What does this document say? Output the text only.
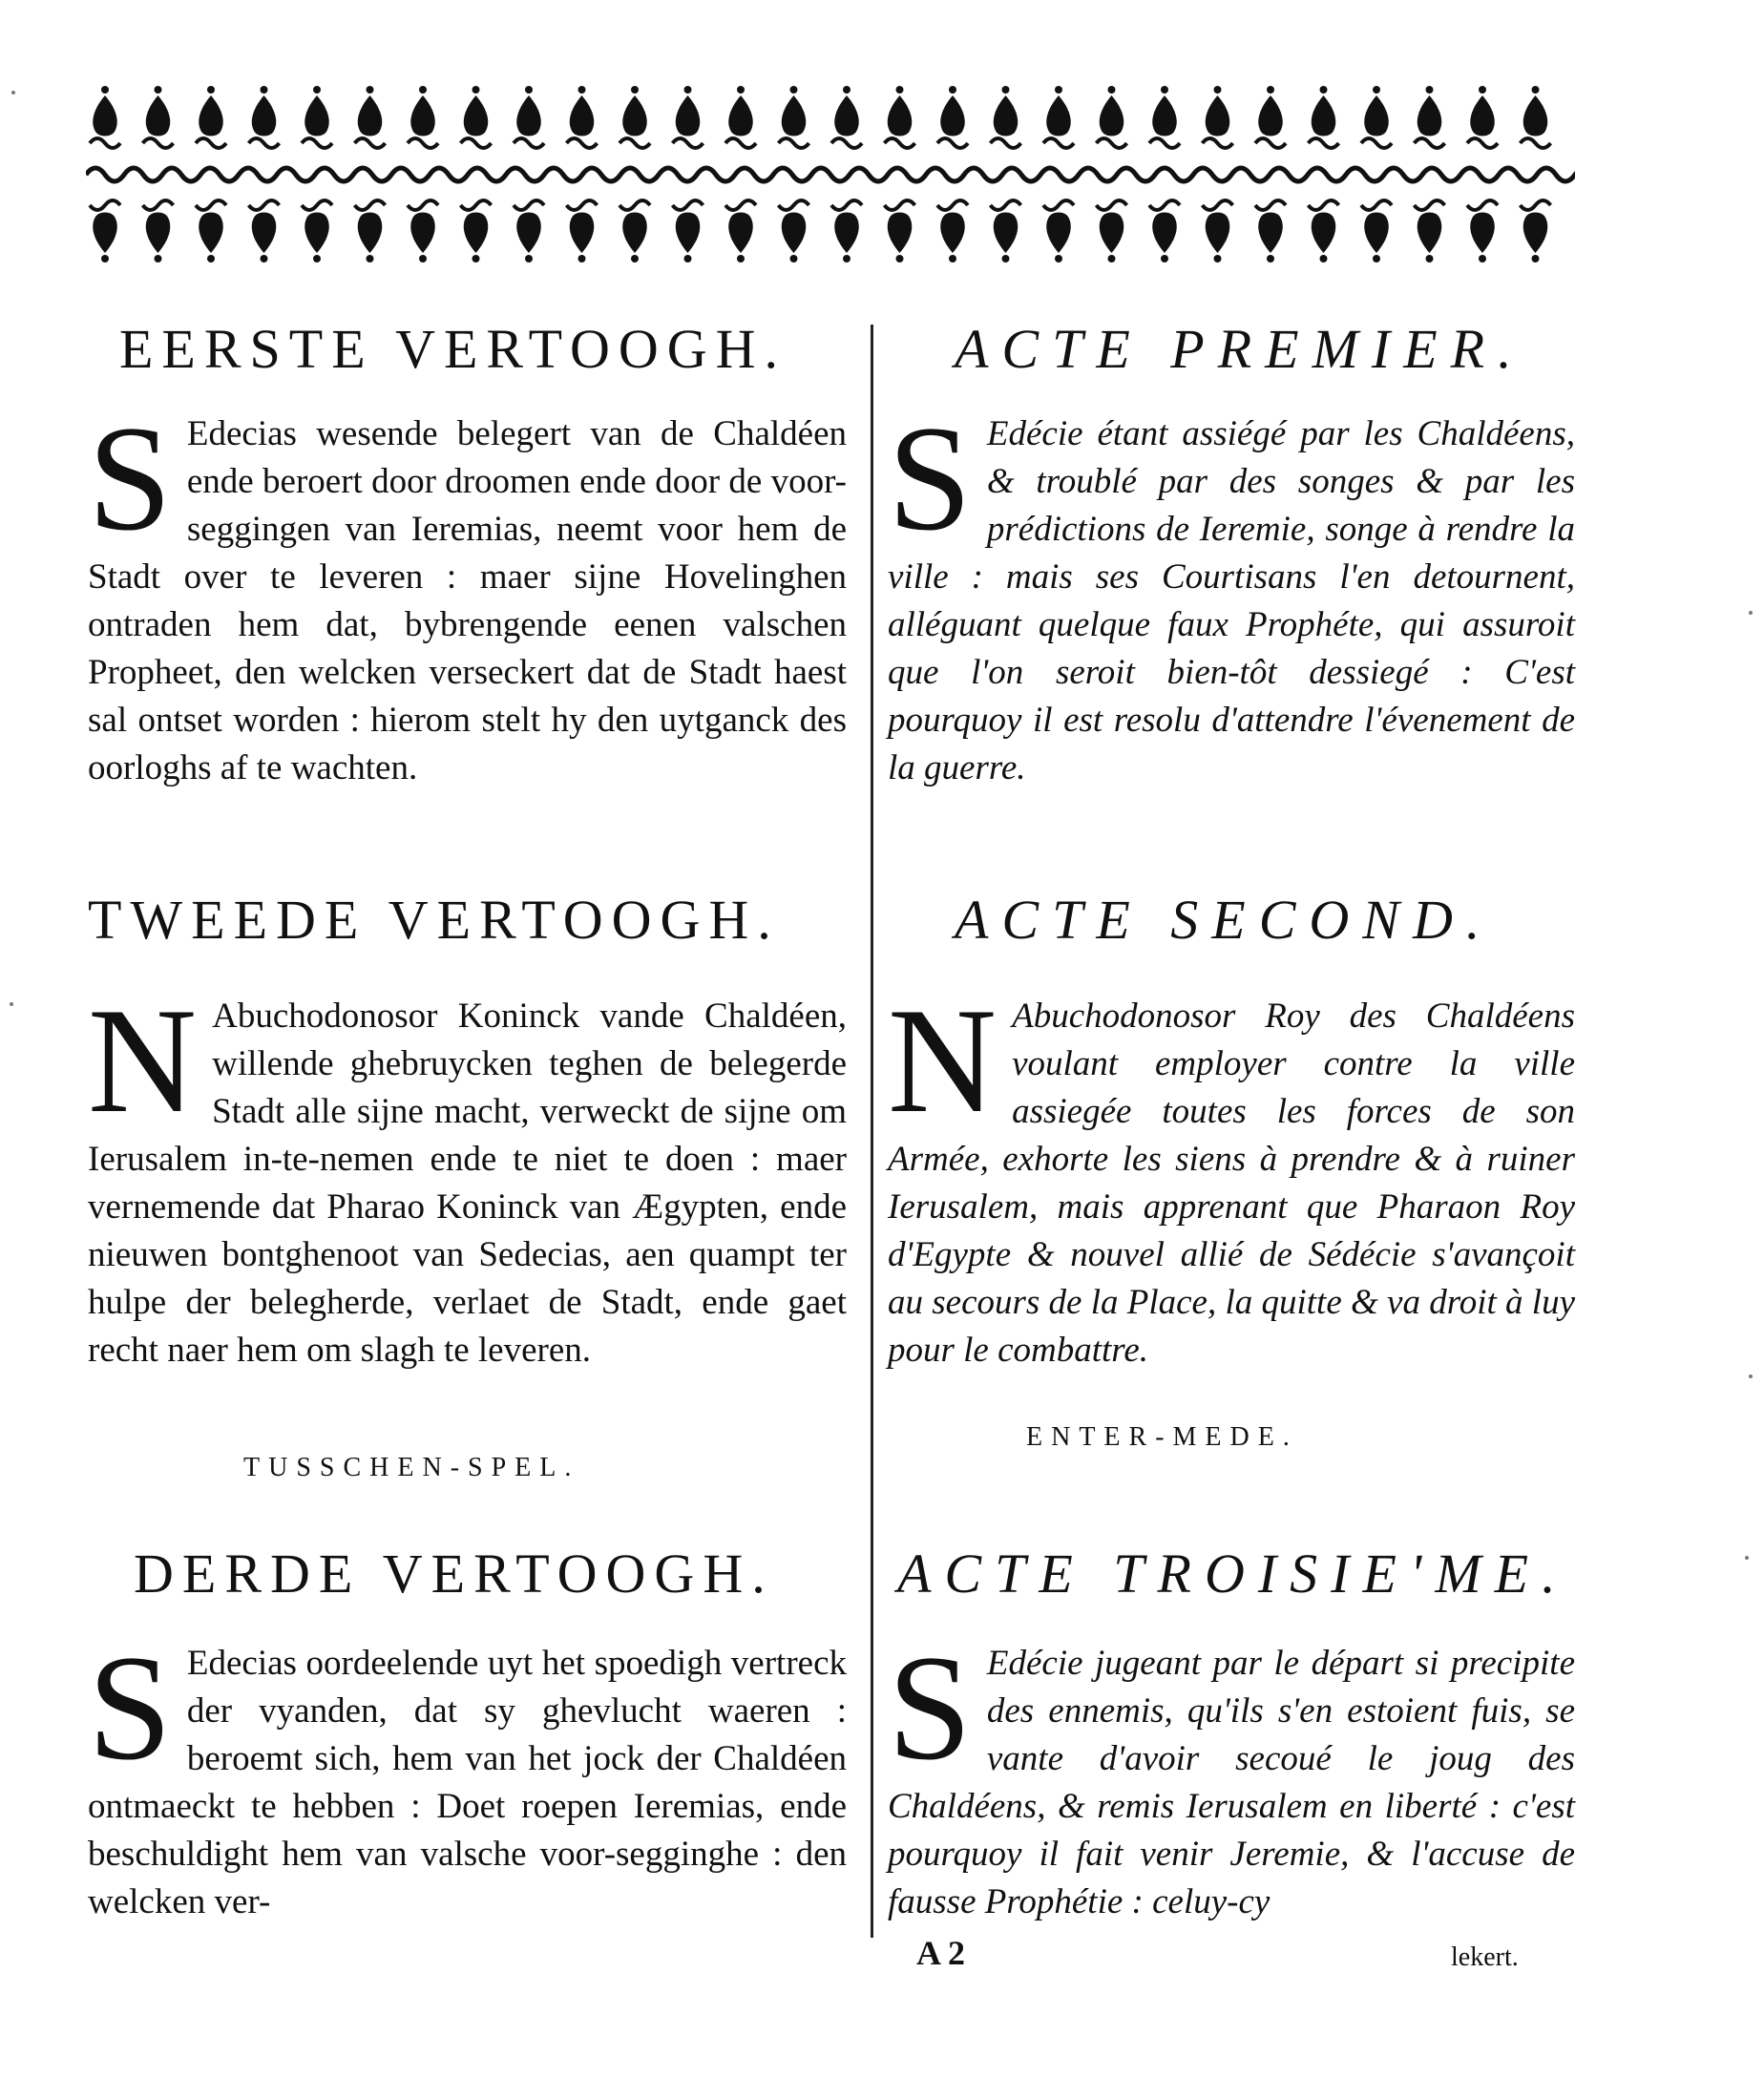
EERSTE VERTOOGH.
S Edecias wesende belegert van de Chaldéen ende beroert door droomen ende door de voor-seggingen van Ieremias, neemt voor hem de Stadt over te leveren : maer sijne Hovelinghen ontraden hem dat, bybrengende eenen valschen Propheet, den welcken verseckert dat de Stadt haest sal ontset worden : hierom stelt hy den uytganck des oorloghs af te wachten.
TWEEDE VERTOOGH.
N Abuchodonosor Koninck vande Chaldéen, willende ghebruycken teghen de belegerde Stadt alle sijne macht, verweckt de sijne om Ierusalem in-te-nemen ende te niet te doen : maer vernemende dat Pharao Koninck van Ægypten, ende nieuwen bontghenoot van Sedecias, aen quampt ter hulpe der belegherde, verlaet de Stadt, ende gaet recht naer hem om slagh te leveren.
TUSSCHEN-SPEL.
DERDE VERTOOGH.
S Edecias oordeelende uyt het spoedigh vertreck der vyanden, dat sy ghevlucht waeren : beroemt sich, hem van het jock der Chaldéen ontmaeckt te hebben : Doet roepen Ieremias, ende beschuldight hem van valsche voor-segginghe : den welcken ver-
ACTE PREMIER.
S Edécie étant assiégé par les Chaldéens, & troublé par des songes & par les prédictions de Ieremie, songe à rendre la ville : mais ses Courtisans l'en detournent, alléguant quelque faux Prophéte, qui assuroit que l'on seroit bien-tôt dessiegé : C'est pourquoy il est resolu d'attendre l'évenement de la guerre.
ACTE SECOND.
N Abuchodonosor Roy des Chaldéens voulant employer contre la ville assiegée toutes les forces de son Armée, exhorte les siens à prendre & à ruiner Ierusalem, mais apprenant que Pharaon Roy d'Egypte & nouvel allié de Sédécie s'avançoit au secours de la Place, la quitte & va droit à luy pour le combattre.
ENTER-MEDE.
ACTE TROISIE'ME.
S Edécie jugeant par le départ si precipite des ennemis, qu'ils s'en estoient fuis, se vante d'avoir secoué le joug des Chaldéens, & remis Ierusalem en liberté : c'est pourquoy il fait venir Jeremie, & l'accuse de fausse Prophétie : celuy-cy
A 2	lekert.
